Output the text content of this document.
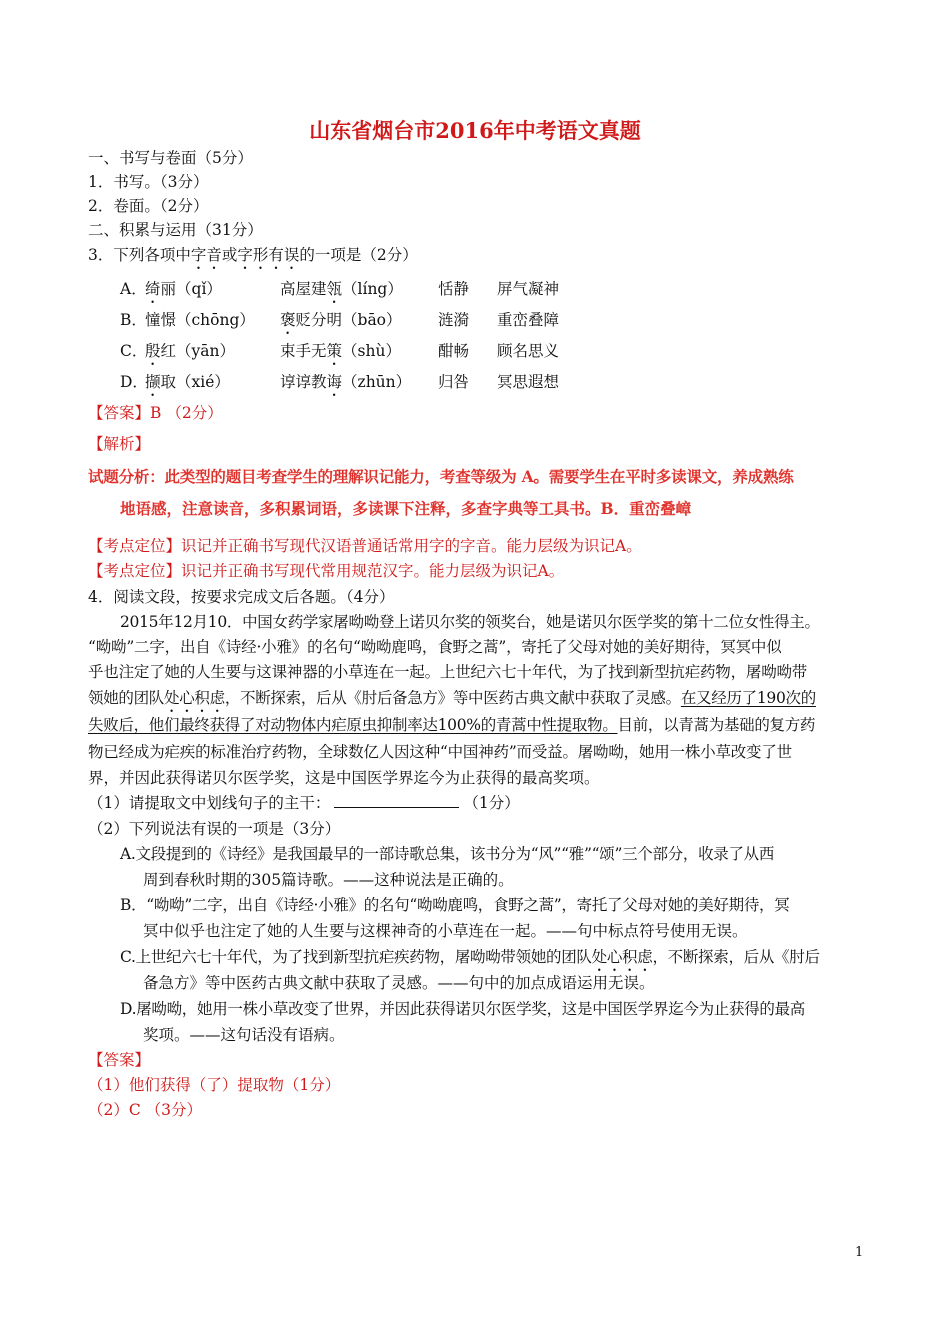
山东省烟台市2016年中考语文真题
一、书写与卷面（5分）
1．书写。（3分）
2．卷面。（2分）
二、积累与运用（31分）
3．下列各项中字音或字形有误的一项是（2分）
A．
绮丽（qǐ）	高屋建瓴（líng） 恬静 屏气凝神
B．
憧憬（chōng） 褒贬分明（bāo） 涟漪 重峦叠障
C．
殷红（yān）	束手无策（shù） 酣畅 顾名思义
D．
撷取（xié）	谆谆教诲（zhūn） 归咎 冥思遐想
【答案】B （2分）
【解析】
试题分析：此类型的题目考查学生的理解识记能力，考查等级为 A。需要学生在平时多读课文，养成熟练
地语感，注意读音，多积累词语，多读课下注释，多查字典等工具书。B．重峦叠嶂
【考点定位】识记并正确书写现代汉语普通话常用字的字音。能力层级为识记A。
【考点定位】识记并正确书写现代常用规范汉字。能力层级为识记A。
4．阅读文段，按要求完成文后各题。（4分）
2015年12月10．中国女药学家屠呦呦登上诺贝尔奖的领奖台，她是诺贝尔医学奖的第十二位女性得主。
“呦呦”二字，出自《诗经·小雅》的名句“呦呦鹿鸣，食野之蒿”，寄托了父母对她的美好期待，冥冥中似
乎也注定了她的人生要与这课神器的小草连在一起。上世纪六七十年代，为了找到新型抗疟药物，屠呦呦带
领她的团队处心积虑，不断探索，后从《肘后备急方》等中医药古典文献中获取了灵感。在又经历了190次的
失败后，他们最终获得了对动物体内疟原虫抑制率达100%的青蒿中性提取物。目前，以青蒿为基础的复方药
物已经成为疟疾的标准治疗药物，全球数亿人因这种“中国神药”而受益。屠呦呦，她用一株小草改变了世
界，并因此获得诺贝尔医学奖，这是中国医学界迄今为止获得的最高奖项。
（1）请提取文中划线句子的主干：	（1分）
（2）下列说法有误的一项是（3分）
A.文段提到的《诗经》是我国最早的一部诗歌总集，该书分为“风”“雅”“颂”三个部分，收录了从西
周到春秋时期的305篇诗歌。——这种说法是正确的。
B．“呦呦”二字，出自《诗经·小雅》的名句“呦呦鹿鸣，食野之蒿”，寄托了父母对她的美好期待，冥
冥中似乎也注定了她的人生要与这棵神奇的小草连在一起。——句中标点符号使用无误。
C.上世纪六七十年代，为了找到新型抗疟疾药物，屠呦呦带领她的团队处心积虑，不断探索，后从《肘后
备急方》等中医药古典文献中获取了灵感。——句中的加点成语运用无误。
D.屠呦呦，她用一株小草改变了世界，并因此获得诺贝尔医学奖，这是中国医学界迄今为止获得的最高
奖项。——这句话没有语病。
【答案】
（1）他们获得（了）提取物（1分）
（2）C （3分）
1
